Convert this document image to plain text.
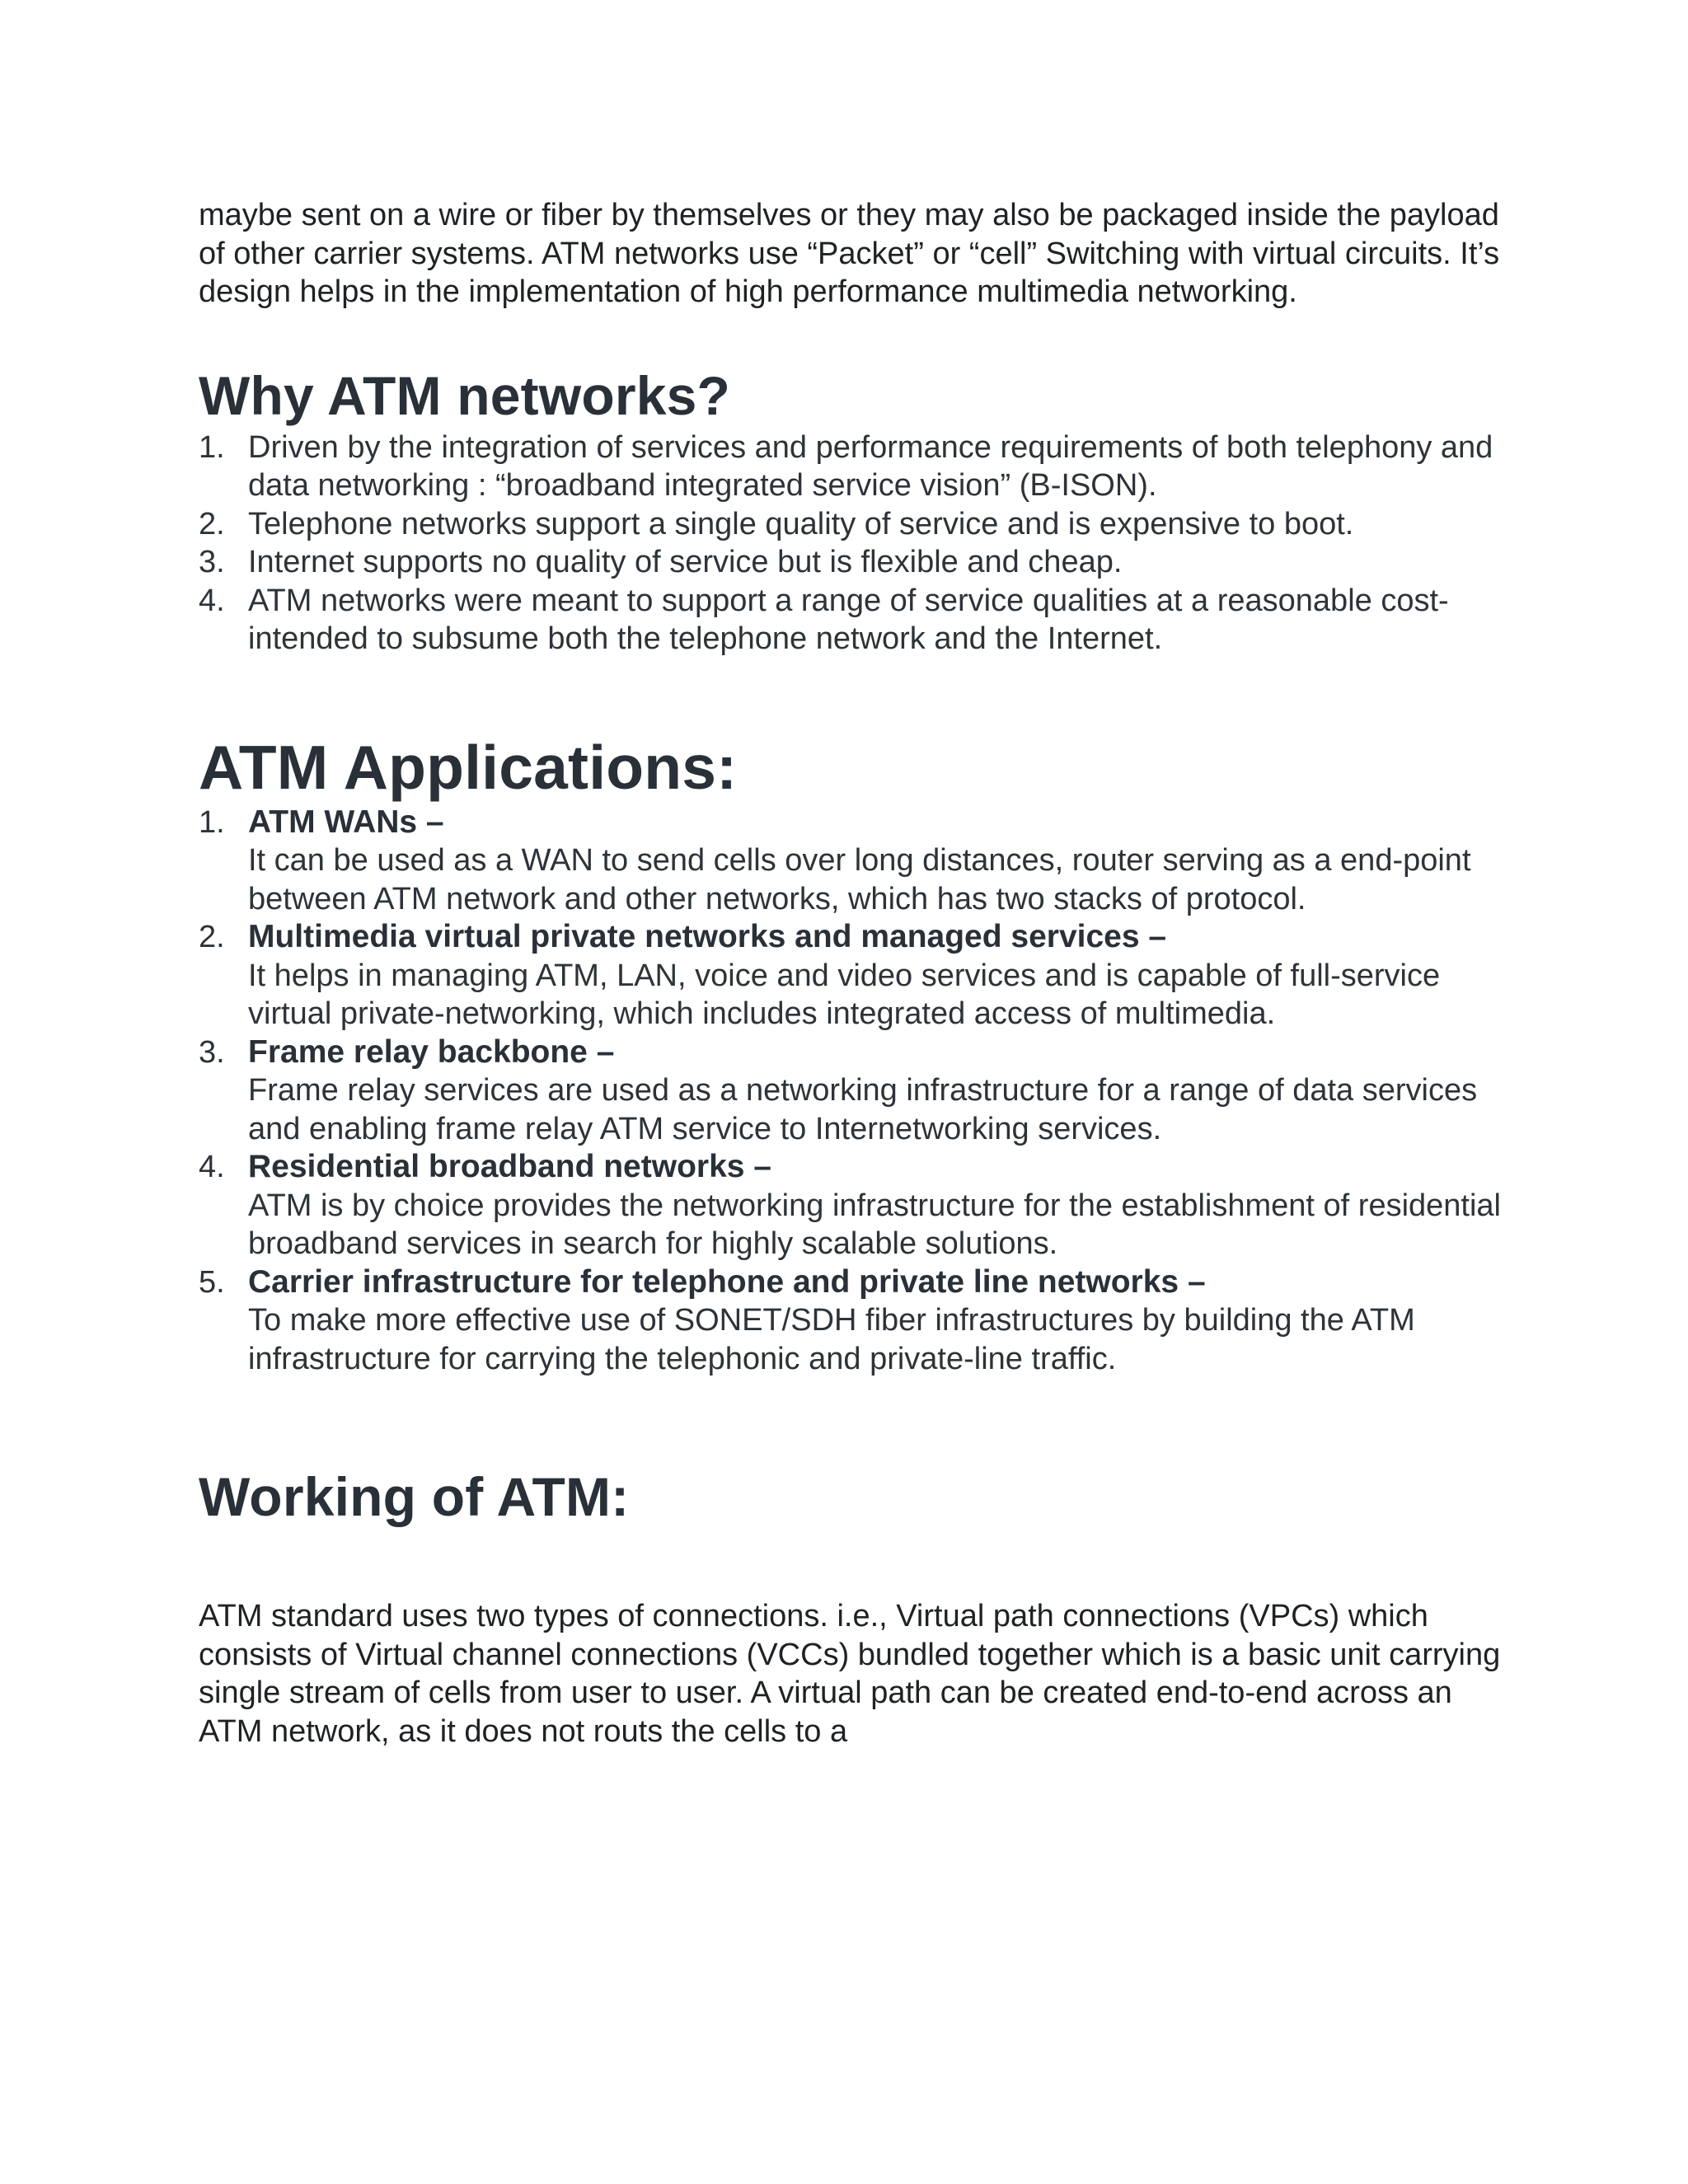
maybe sent on a wire or fiber by themselves or they may also be packaged inside the payload of other carrier systems. ATM networks use “Packet” or “cell” Switching with virtual circuits. It’s design helps in the implementation of high performance multimedia networking.

Why ATM networks?
1. Driven by the integration of services and performance requirements of both telephony and data networking : “broadband integrated service vision” (B-ISON).
2. Telephone networks support a single quality of service and is expensive to boot.
3. Internet supports no quality of service but is flexible and cheap.
4. ATM networks were meant to support a range of service qualities at a reasonable cost- intended to subsume both the telephone network and the Internet.
ATM Applications:
1. ATM WANs –
It can be used as a WAN to send cells over long distances, router serving as a end-point between ATM network and other networks, which has two stacks of protocol.
2. Multimedia virtual private networks and managed services –
It helps in managing ATM, LAN, voice and video services and is capable of full-service virtual private-networking, which includes integrated access of multimedia.
3. Frame relay backbone –
Frame relay services are used as a networking infrastructure for a range of data services and enabling frame relay ATM service to Internetworking services.
4. Residential broadband networks –
ATM is by choice provides the networking infrastructure for the establishment of residential broadband services in search for highly scalable solutions.
5. Carrier infrastructure for telephone and private line networks –
To make more effective use of SONET/SDH fiber infrastructures by building the ATM infrastructure for carrying the telephonic and private-line traffic.
Working of ATM:

ATM standard uses two types of connections. i.e., Virtual path connections (VPCs) which consists of Virtual channel connections (VCCs) bundled together which is a basic unit carrying single stream of cells from user to user. A virtual path can be created end-to-end across an ATM network, as it does not routs the cells to a
